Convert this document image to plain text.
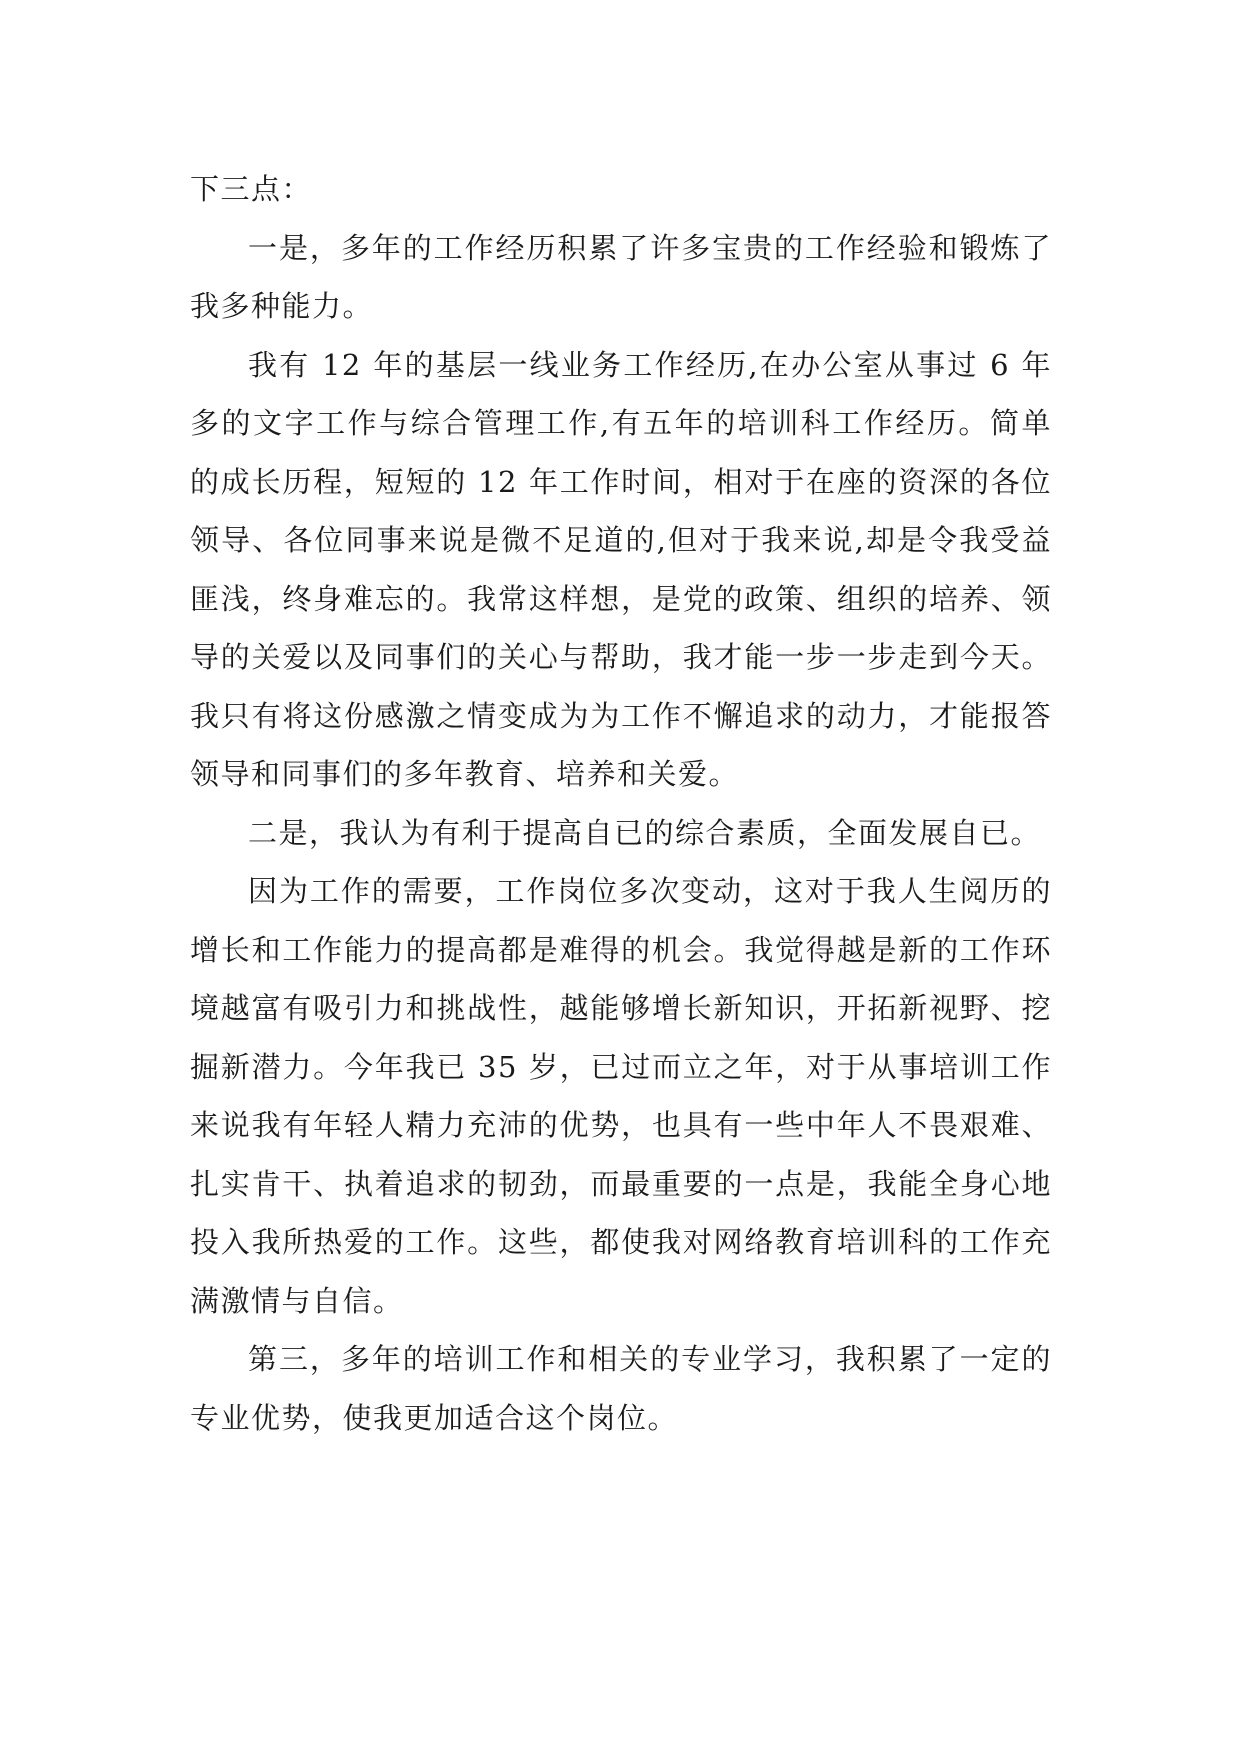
下三点：

一是，多年的工作经历积累了许多宝贵的工作经验和锻炼了我多种能力。

我有 12 年的基层一线业务工作经历,在办公室从事过 6 年多的文字工作与综合管理工作,有五年的培训科工作经历。简单的成长历程，短短的 12 年工作时间，相对于在座的资深的各位领导、各位同事来说是微不足道的,但对于我来说,却是令我受益匪浅，终身难忘的。我常这样想，是党的政策、组织的培养、领导的关爱以及同事们的关心与帮助，我才能一步一步走到今天。我只有将这份感激之情变成为为工作不懈追求的动力，才能报答领导和同事们的多年教育、培养和关爱。

二是，我认为有利于提高自已的综合素质，全面发展自已。

因为工作的需要，工作岗位多次变动，这对于我人生阅历的增长和工作能力的提高都是难得的机会。我觉得越是新的工作环境越富有吸引力和挑战性，越能够增长新知识，开拓新视野、挖掘新潜力。今年我已 35 岁，已过而立之年，对于从事培训工作来说我有年轻人精力充沛的优势，也具有一些中年人不畏艰难、扎实肯干、执着追求的韧劲，而最重要的一点是，我能全身心地投入我所热爱的工作。这些，都使我对网络教育培训科的工作充满激情与自信。

第三，多年的培训工作和相关的专业学习，我积累了一定的专业优势，使我更加适合这个岗位。
